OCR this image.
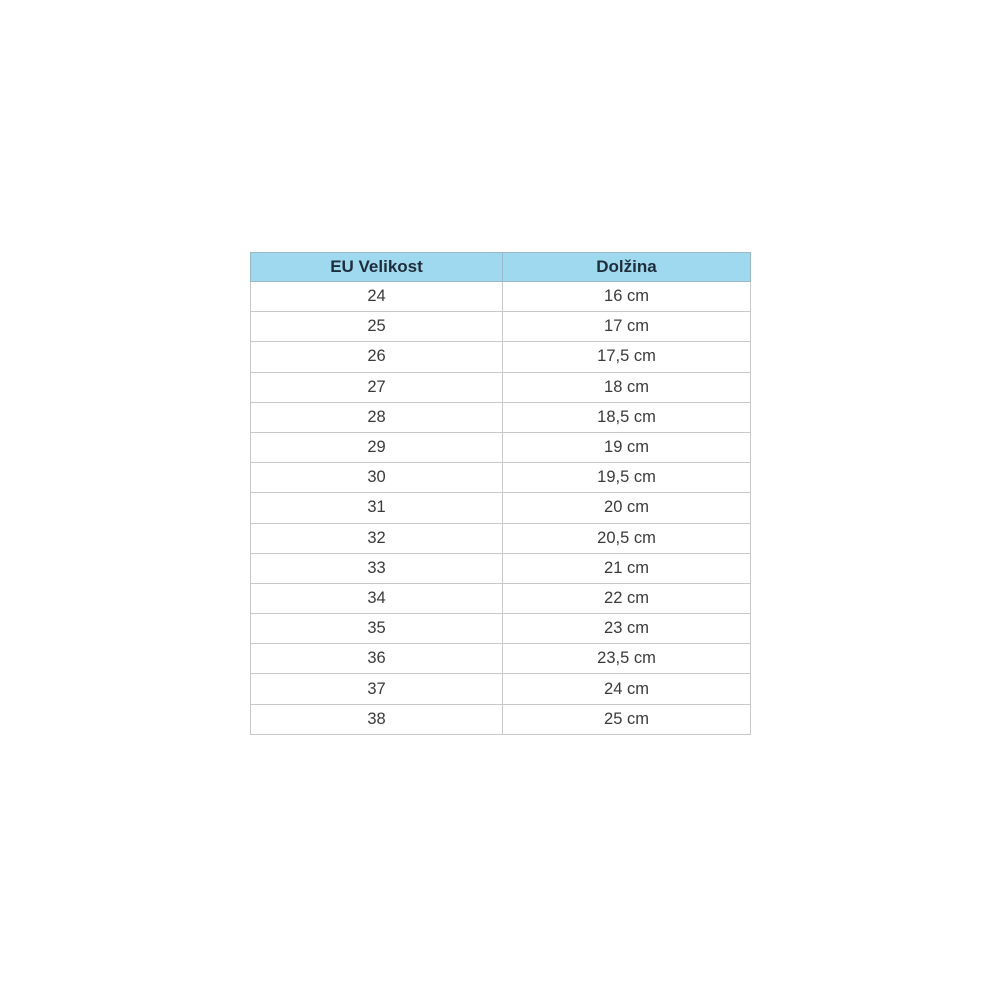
EU Velikost	Dolžina
24	16 cm
25	17 cm
26	17,5 cm
27	18 cm
28	18,5 cm
29	19 cm
30	19,5 cm
31	20 cm
32	20,5 cm
33	21 cm
34	22 cm
35	23 cm
36	23,5 cm
37	24 cm
38	25 cm
